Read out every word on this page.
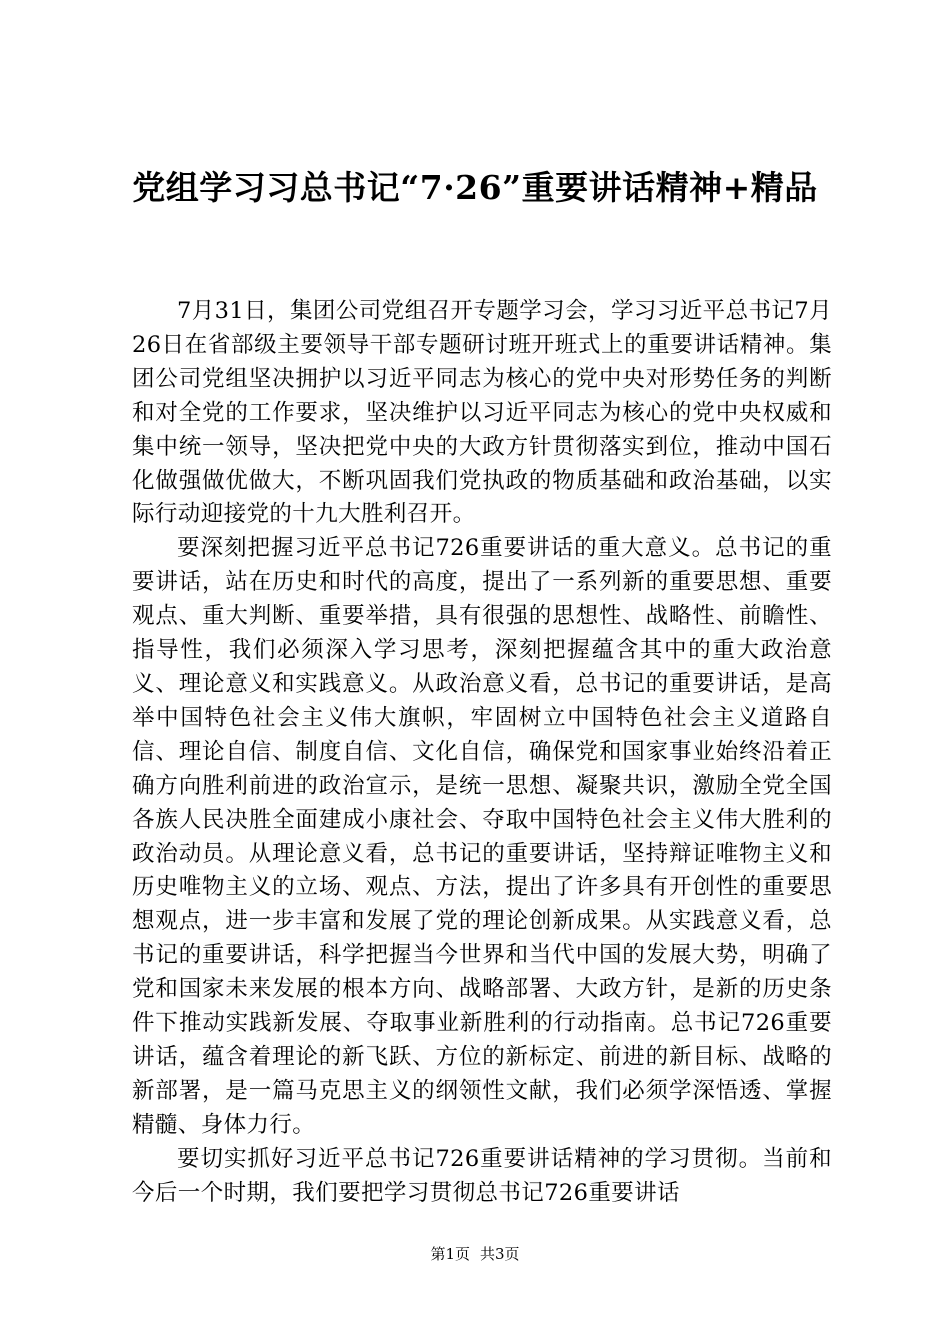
党组学习习总书记“7·26”重要讲话精神+精品

7月31日，集团公司党组召开专题学习会，学习习近平总书记7月26日在省部级主要领导干部专题研讨班开班式上的重要讲话精神。集团公司党组坚决拥护以习近平同志为核心的党中央对形势任务的判断和对全党的工作要求，坚决维护以习近平同志为核心的党中央权威和集中统一领导，坚决把党中央的大政方针贯彻落实到位，推动中国石化做强做优做大，不断巩固我们党执政的物质基础和政治基础，以实际行动迎接党的十九大胜利召开。

要深刻把握习近平总书记726重要讲话的重大意义。总书记的重要讲话，站在历史和时代的高度，提出了一系列新的重要思想、重要观点、重大判断、重要举措，具有很强的思想性、战略性、前瞻性、指导性，我们必须深入学习思考，深刻把握蕴含其中的重大政治意义、理论意义和实践意义。从政治意义看，总书记的重要讲话，是高举中国特色社会主义伟大旗帜，牢固树立中国特色社会主义道路自信、理论自信、制度自信、文化自信，确保党和国家事业始终沿着正确方向胜利前进的政治宣示，是统一思想、凝聚共识，激励全党全国各族人民决胜全面建成小康社会、夺取中国特色社会主义伟大胜利的政治动员。从理论意义看，总书记的重要讲话，坚持辩证唯物主义和历史唯物主义的立场、观点、方法，提出了许多具有开创性的重要思想观点，进一步丰富和发展了党的理论创新成果。从实践意义看，总书记的重要讲话，科学把握当今世界和当代中国的发展大势，明确了党和国家未来发展的根本方向、战略部署、大政方针，是新的历史条件下推动实践新发展、夺取事业新胜利的行动指南。总书记726重要讲话，蕴含着理论的新飞跃、方位的新标定、前进的新目标、战略的新部署，是一篇马克思主义的纲领性文献，我们必须学深悟透、掌握精髓、身体力行。

要切实抓好习近平总书记726重要讲话精神的学习贯彻。当前和今后一个时期，我们要把学习贯彻总书记726重要讲话

第1页 共3页
